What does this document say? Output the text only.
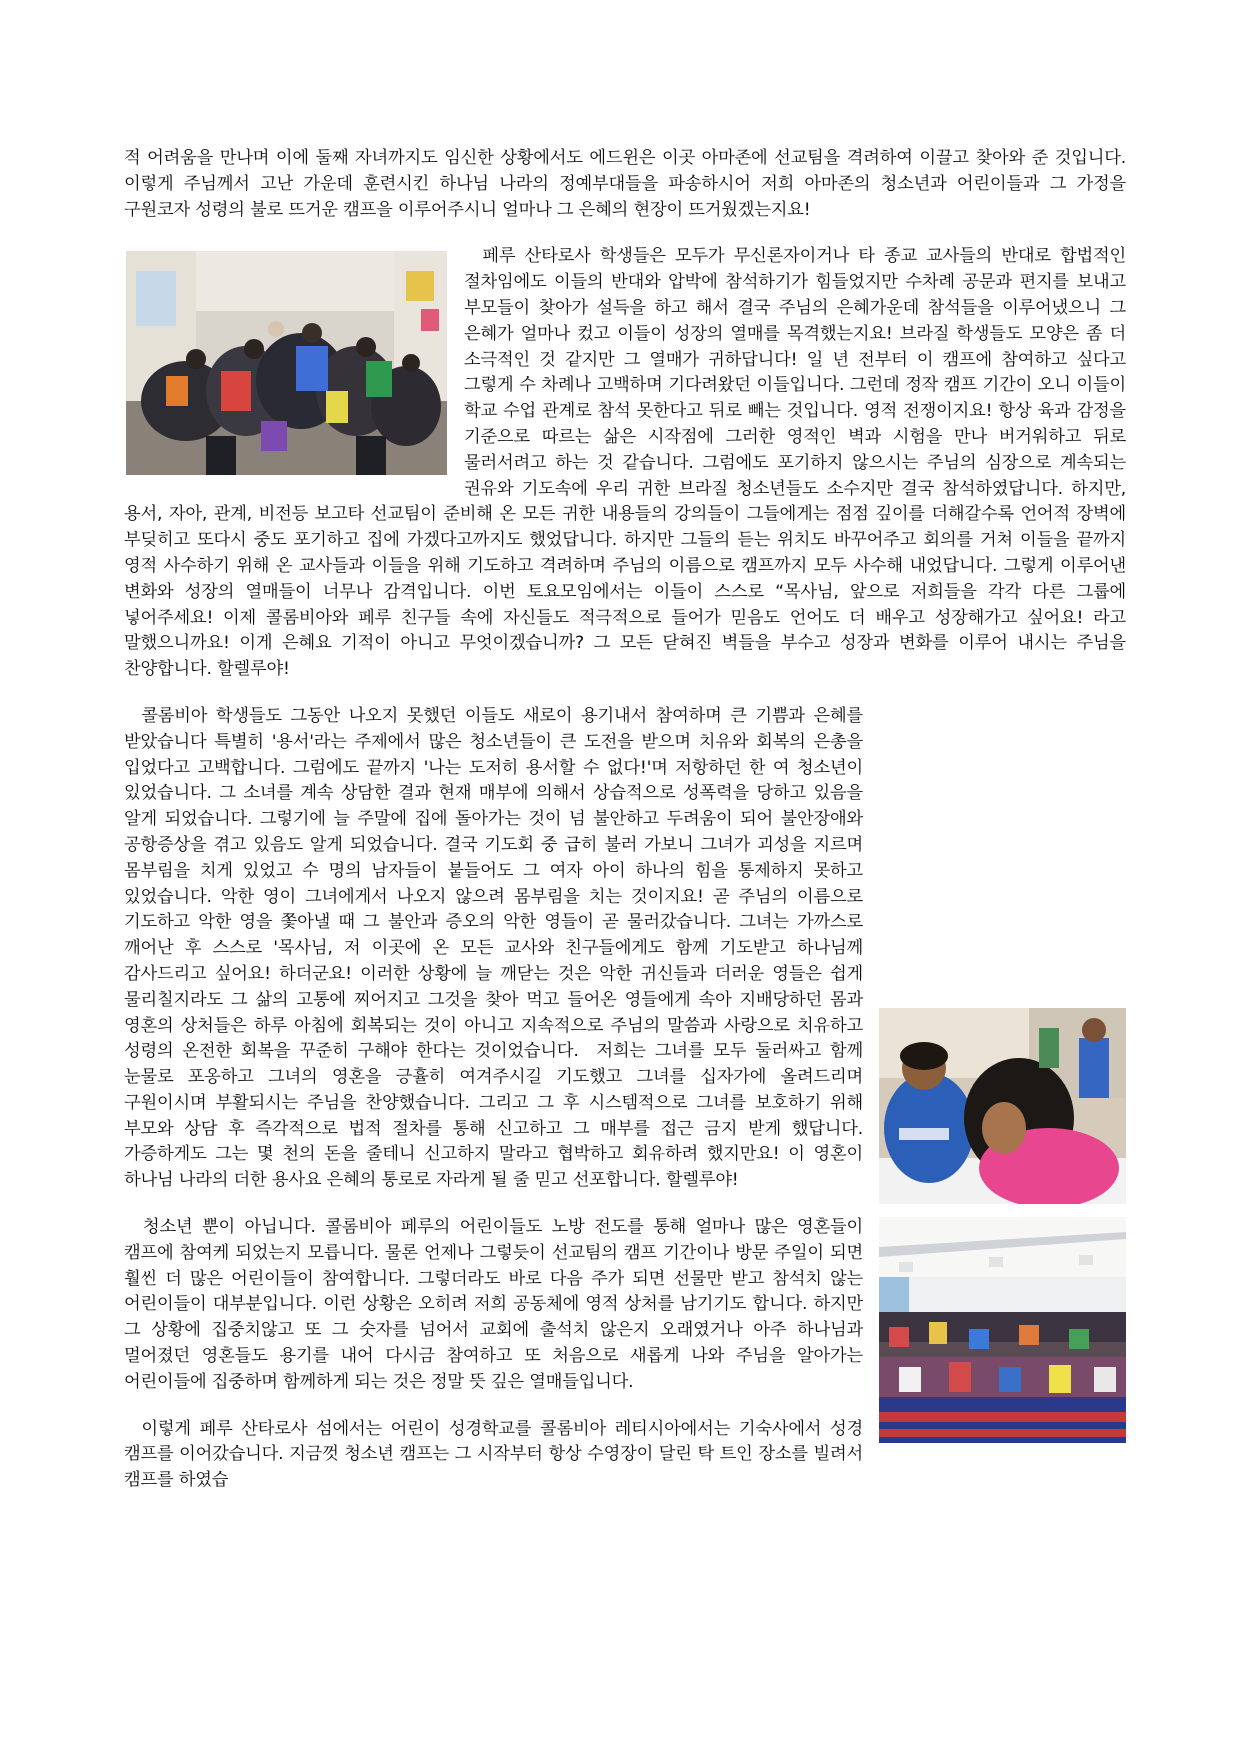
적 어려움을 만나며 이에 둘째 자녀까지도 임신한 상황에서도 에드윈은 이곳 아마존에 선교팀을 격려하여 이끌고 찾아와 준 것입니다. 이렇게 주님께서 고난 가운데 훈련시킨 하나님 나라의 정예부대들을 파송하시어 저희 아마존의 청소년과 어린이들과 그 가정을 구원코자 성령의 불로 뜨거운 캠프을 이루어주시니 얼마나 그 은혜의 현장이 뜨거웠겠는지요!

페루 산타로사 학생들은 모두가 무신론자이거나 타 종교 교사들의 반대로 합법적인 절차임에도 이들의 반대와 압박에 참석하기가 힘들었지만 수차례 공문과 편지를 보내고 부모들이 찾아가 설득을 하고 해서 결국 주님의 은혜가운데 참석들을 이루어냈으니 그 은혜가 얼마나 컸고 이들이 성장의 열매를 목격했는지요! 브라질 학생들도 모양은 좀 더 소극적인 것 같지만 그 열매가 귀하답니다! 일 년 전부터 이 캠프에 참여하고 싶다고 그렇게 수 차례나 고백하며 기다려왔던 이들입니다. 그런데 정작 캠프 기간이 오니 이들이 학교 수업 관계로 참석 못한다고 뒤로 빼는 것입니다. 영적 전쟁이지요! 항상 육과 감정을 기준으로 따르는 삶은 시작점에 그러한 영적인 벽과 시험을 만나 버거워하고 뒤로 물러서려고 하는 것 같습니다. 그럼에도 포기하지 않으시는 주님의 심장으로 계속되는 권유와 기도속에 우리 귀한 브라질 청소년들도 소수지만 결국 참석하였답니다. 하지만, 용서, 자아, 관계, 비전등 보고타 선교팀이 준비해 온 모든 귀한 내용들의 강의들이 그들에게는 점점 깊이를 더해갈수록 언어적 장벽에 부딪히고 또다시 중도 포기하고 집에 가겠다고까지도 했었답니다. 하지만 그들의 듣는 위치도 바꾸어주고 회의를 거쳐 이들을 끝까지 영적 사수하기 위해 온 교사들과 이들을 위해 기도하고 격려하며 주님의 이름으로 캠프까지 모두 사수해 내었답니다. 그렇게 이루어낸 변화와 성장의 열매들이 너무나 감격입니다. 이번 토요모임에서는 이들이 스스로 “목사님, 앞으로 저희들을 각각 다른 그룹에 넣어주세요! 이제 콜롬비아와 페루 친구들 속에 자신들도 적극적으로 들어가 믿음도 언어도 더 배우고 성장해가고 싶어요! 라고 말했으니까요! 이게 은혜요 기적이 아니고 무엇이겠습니까? 그 모든 닫혀진 벽들을 부수고 성장과 변화를 이루어 내시는 주님을 찬양합니다. 할렐루야!

콜롬비아 학생들도 그동안 나오지 못했던 이들도 새로이 용기내서 참여하며 큰 기쁨과 은혜를 받았습니다 특별히 '용서'라는 주제에서 많은 청소년들이 큰 도전을 받으며 치유와 회복의 은총을 입었다고 고백합니다. 그럼에도 끝까지 '나는 도저히 용서할 수 없다!'며 저항하던 한 여 청소년이 있었습니다. 그 소녀를 계속 상담한 결과 현재 매부에 의해서 상습적으로 성폭력을 당하고 있음을 알게 되었습니다. 그렇기에 늘 주말에 집에 돌아가는 것이 넘 불안하고 두려움이 되어 불안장애와 공항증상을 겪고 있음도 알게 되었습니다. 결국 기도회 중 급히 불러 가보니 그녀가 괴성을 지르며 몸부림을 치게 있었고 수 명의 남자들이 붙들어도 그 여자 아이 하나의 힘을 통제하지 못하고 있었습니다. 악한 영이 그녀에게서 나오지 않으려 몸부림을 치는 것이지요! 곧 주님의 이름으로 기도하고 악한 영을 쫓아낼 때 그 불안과 증오의 악한 영들이 곧 물러갔습니다. 그녀는 가까스로 깨어난 후 스스로 '목사님, 저 이곳에 온 모든 교사와 친구들에게도 함께 기도받고 하나님께 감사드리고 싶어요! 하더군요! 이러한 상황에 늘 깨닫는 것은 악한 귀신들과 더러운 영들은 쉽게 물리칠지라도 그 삶의 고통에 찌어지고 그것을 찾아 먹고 들어온 영들에게 속아 지배당하던 몸과 영혼의 상처들은 하루 아침에 회복되는 것이 아니고 지속적으로 주님의 말씀과 사랑으로 치유하고 성령의 온전한 회복을 꾸준히 구해야 한다는 것이었습니다.  저희는 그녀를 모두 둘러싸고 함께 눈물로 포옹하고 그녀의 영혼을 긍휼히 여겨주시길 기도했고 그녀를 십자가에 올려드리며 구원이시며 부활되시는 주님을 찬양했습니다. 그리고 그 후 시스템적으로 그녀를 보호하기 위해 부모와 상담 후 즉각적으로 법적 절차를 통해 신고하고 그 매부를 접근 금지 받게 했답니다. 가증하게도 그는 몇 천의 돈을 줄테니 신고하지 말라고 협박하고 회유하려 했지만요! 이 영혼이 하나님 나라의 더한 용사요 은혜의 통로로 자라게 될 줄 믿고 선포합니다. 할렐루야!

청소년 뿐이 아닙니다. 콜롬비아 페루의 어린이들도 노방 전도를 통해 얼마나 많은 영혼들이 캠프에 참여케 되었는지 모릅니다. 물론 언제나 그렇듯이 선교팀의 캠프 기간이나 방문 주일이 되면 훨씬 더 많은 어린이들이 참여합니다. 그렇더라도 바로 다음 주가 되면 선물만 받고 참석치 않는 어린이들이 대부분입니다. 이런 상황은 오히려 저희 공동체에 영적 상처를 남기기도 합니다. 하지만 그 상황에 집중치않고 또 그 숫자를 넘어서 교회에 출석치 않은지 오래였거나 아주 하나님과 멀어졌던 영혼들도 용기를 내어 다시금 참여하고 또 처음으로 새롭게 나와 주님을 알아가는 어린이들에 집중하며 함께하게 되는 것은 정말 뜻 깊은 열매들입니다.

이렇게 페루 산타로사 섬에서는 어린이 성경학교를 콜롬비아 레티시아에서는 기숙사에서 성경 캠프를 이어갔습니다. 지금껏 청소년 캠프는 그 시작부터 항상 수영장이 달린 탁 트인 장소를 빌려서 캠프를 하였습
